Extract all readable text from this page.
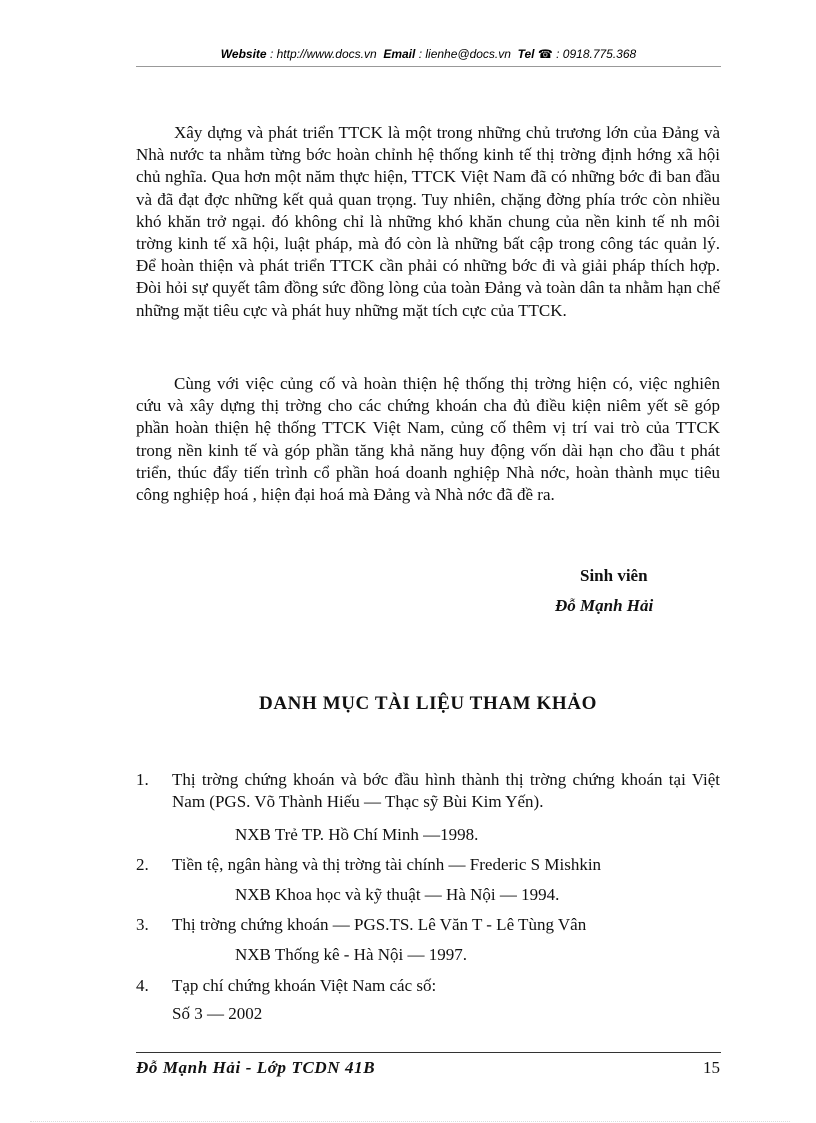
Website : http://www.docs.vn Email : lienhe@docs.vn Tel ☎ : 0918.775.368

Xây dựng và phát triển TTCK là một trong những chủ trương lớn của Đảng và Nhà nước ta nhằm từng bớc hoàn chỉnh hệ thống kinh tế thị trờng định hớng xã hội chủ nghĩa. Qua hơn một năm thực hiện, TTCK Việt Nam đã có những bớc đi ban đầu và đã đạt đợc những kết quả quan trọng. Tuy nhiên, chặng đờng phía trớc còn nhiều khó khăn trở ngại. đó không chỉ là những khó khăn chung của nền kinh tế nh môi trờng kinh tế xã hội, luật pháp, mà đó còn là những bất cập trong công tác quản lý. Để hoàn thiện và phát triển TTCK cần phải có những bớc đi và giải pháp thích hợp. Đòi hỏi sự quyết tâm đồng sức đồng lòng của toàn Đảng và toàn dân ta nhằm hạn chế những mặt tiêu cực và phát huy những mặt tích cực của TTCK.

Cùng với việc củng cố và hoàn thiện hệ thống thị trờng hiện có, việc nghiên cứu và xây dựng thị trờng cho các chứng khoán cha đủ điều kiện niêm yết sẽ góp phần hoàn thiện hệ thống TTCK Việt Nam, củng cố thêm vị trí vai trò của TTCK trong nền kinh tế và góp phần tăng khả năng huy động vốn dài hạn cho đầu t phát triển, thúc đẩy tiến trình cổ phần hoá doanh nghiệp Nhà nớc, hoàn thành mục tiêu công nghiệp hoá , hiện đại hoá mà Đảng và Nhà nớc đã đề ra.

Sinh viên
Đỗ Mạnh Hải
DANH MỤC TÀI LIỆU THAM KHẢO
1. Thị trờng chứng khoán và bớc đầu hình thành thị trờng chứng khoán tại Việt Nam (PGS. Võ Thành Hiếu — Thạc sỹ Bùi Kim Yến).
NXB Trẻ TP. Hồ Chí Minh —1998.
2. Tiền tệ, ngân hàng và thị trờng tài chính — Frederic S Mishkin
NXB Khoa học và kỹ thuật — Hà Nội — 1994.
3. Thị trờng chứng khoán — PGS.TS. Lê Văn T - Lê Tùng Vân
NXB Thống kê - Hà Nội — 1997.
4. Tạp chí chứng khoán Việt Nam các số:
Số 3 — 2002
Đỗ Mạnh Hải - Lớp TCDN 41B	15
